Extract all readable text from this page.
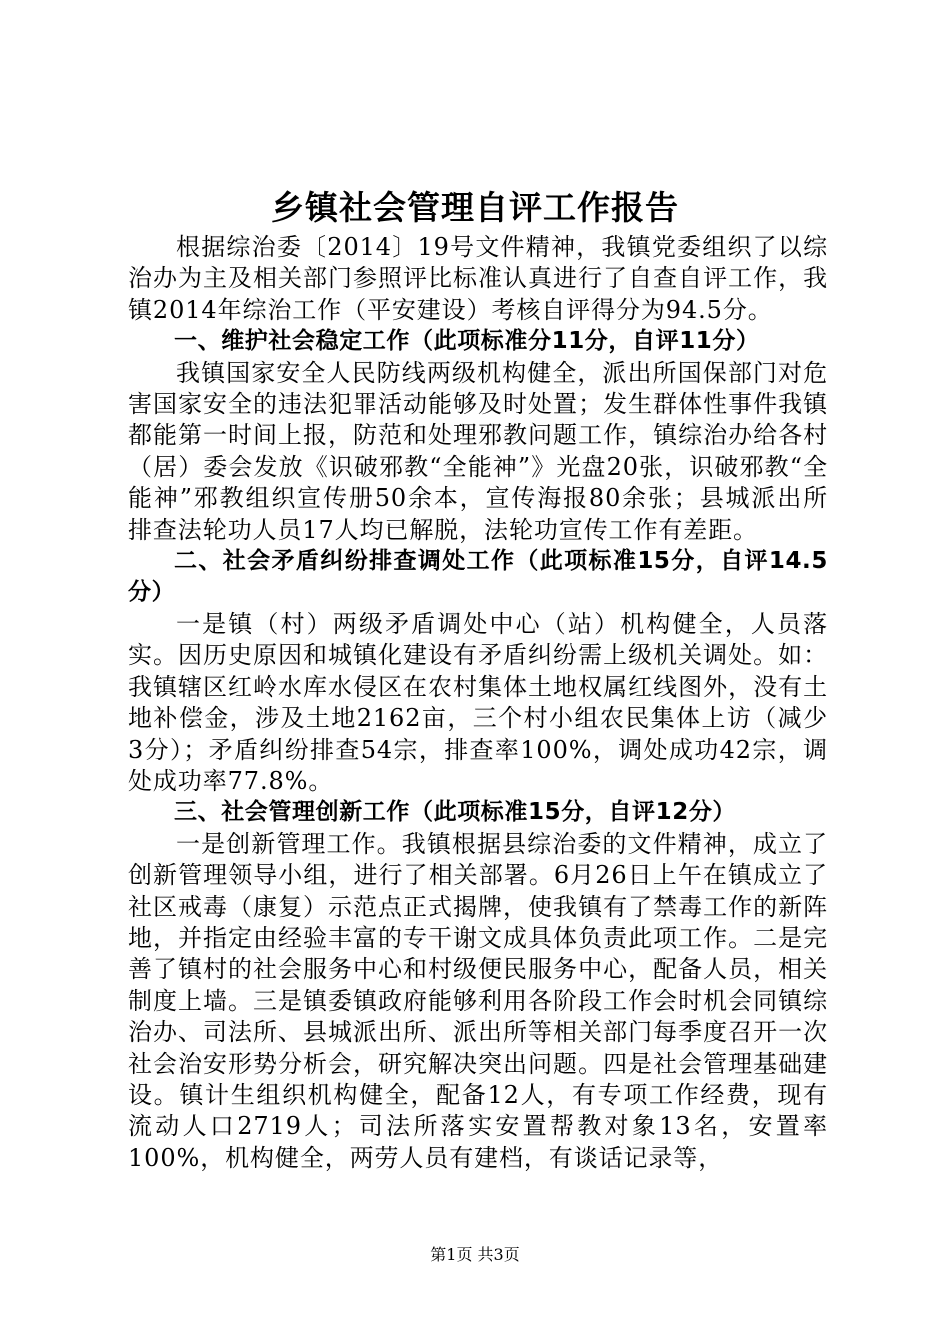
乡镇社会管理自评工作报告

根据综治委〔2014〕19号文件精神，我镇党委组织了以综治办为主及相关部门参照评比标准认真进行了自查自评工作，我镇2014年综治工作（平安建设）考核自评得分为94.5分。

一、维护社会稳定工作（此项标准分11分，自评11分）

我镇国家安全人民防线两级机构健全，派出所国保部门对危害国家安全的违法犯罪活动能够及时处置；发生群体性事件我镇都能第一时间上报，防范和处理邪教问题工作，镇综治办给各村（居）委会发放《识破邪教“全能神”》光盘20张，识破邪教“全能神”邪教组织宣传册50余本，宣传海报80余张；县城派出所排查法轮功人员17人均已解脱，法轮功宣传工作有差距。

二、社会矛盾纠纷排查调处工作（此项标准15分，自评14.5分）

一是镇（村）两级矛盾调处中心（站）机构健全，人员落实。因历史原因和城镇化建设有矛盾纠纷需上级机关调处。如：我镇辖区红岭水库水侵区在农村集体土地权属红线图外，没有土地补偿金，涉及土地2162亩，三个村小组农民集体上访（减少3分）；矛盾纠纷排查54宗，排查率100%，调处成功42宗，调处成功率77.8%。

三、社会管理创新工作（此项标准15分，自评12分）

一是创新管理工作。我镇根据县综治委的文件精神，成立了创新管理领导小组，进行了相关部署。6月26日上午在镇成立了社区戒毒（康复）示范点正式揭牌，使我镇有了禁毒工作的新阵地，并指定由经验丰富的专干谢文成具体负责此项工作。二是完善了镇村的社会服务中心和村级便民服务中心，配备人员，相关制度上墙。三是镇委镇政府能够利用各阶段工作会时机会同镇综治办、司法所、县城派出所、派出所等相关部门每季度召开一次社会治安形势分析会，研究解决突出问题。四是社会管理基础建设。镇计生组织机构健全，配备12人，有专项工作经费，现有流动人口2719人；司法所落实安置帮教对象13名，安置率100%，机构健全，两劳人员有建档，有谈话记录等，

第1页 共3页
